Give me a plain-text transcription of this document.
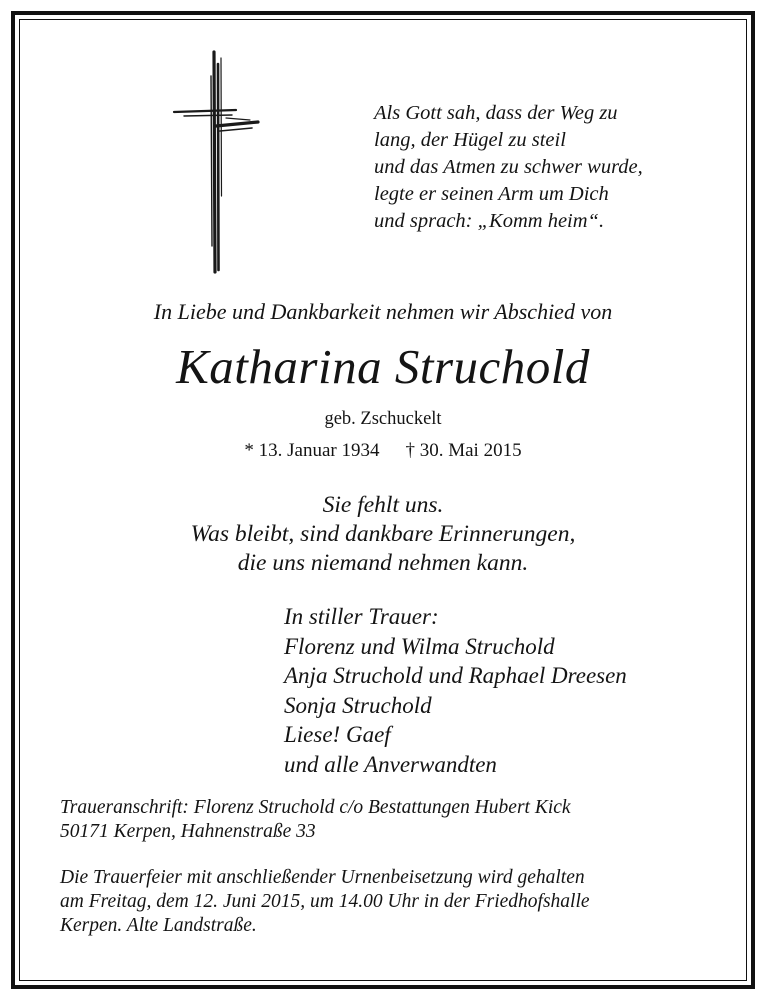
Als Gott sah, dass der Weg zu
lang, der Hügel zu steil
und das Atmen zu schwer wurde,
legte er seinen Arm um Dich
und sprach: „Komm heim“.
In Liebe und Dankbarkeit nehmen wir Abschied von
Katharina Struchold
geb. Zschuckelt
* 13. Januar 1934 † 30. Mai 2015
Sie fehlt uns.
Was bleibt, sind dankbare Erinnerungen,
die uns niemand nehmen kann.
In stiller Trauer:
Florenz und Wilma Struchold
Anja Struchold und Raphael Dreesen
Sonja Struchold
Liese! Gaef
und alle Anverwandten
Traueranschrift: Florenz Struchold c/o Bestattungen Hubert Kick
50171 Kerpen, Hahnenstraße 33
Die Trauerfeier mit anschließender Urnenbeisetzung wird gehalten
am Freitag, dem 12. Juni 2015, um 14.00 Uhr in der Friedhofshalle
Kerpen. Alte Landstraße.
